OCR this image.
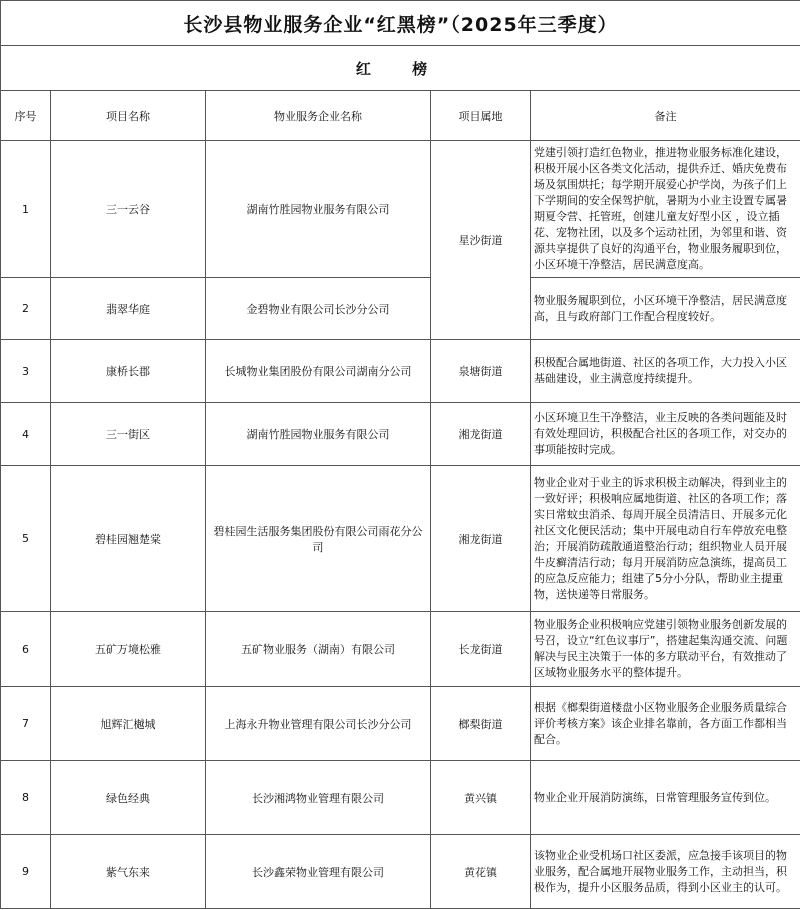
长沙县物业服务企业“红黑榜”（2025年三季度）				
红 榜				
序号	项目名称	物业服务企业名称	项目属地	备注
1	三一云谷	湖南竹胜园物业服务有限公司	星沙街道	党建引领打造红色物业，推进物业服务标准化建设，积极开展小区各类文化活动，提供乔迁、婚庆免费布场及氛围烘托；每学期开展爱心护学岗，为孩子们上下学期间的安全保驾护航，暑期为小业主设置专属暑期夏令营、托管班，创建儿童友好型小区 ，设立插花、宠物社团，以及多个运动社团，为邻里和谐、资源共享提供了良好的沟通平台，物业服务履职到位，小区环境干净整洁，居民满意度高。
2	翡翠华庭	金碧物业有限公司长沙分公司		物业服务履职到位，小区环境干净整洁，居民满意度高，且与政府部门工作配合程度较好。
3	康桥长郡	长城物业集团股份有限公司湖南分公司	泉塘街道	积极配合属地街道、社区的各项工作，大力投入小区基础建设，业主满意度持续提升。
4	三一街区	湖南竹胜园物业服务有限公司	湘龙街道	小区环境卫生干净整洁，业主反映的各类问题能及时有效处理回访，积极配合社区的各项工作，对交办的事项能按时完成。
5	碧桂园翘楚棠	碧桂园生活服务集团股份有限公司雨花分公司	湘龙街道	物业企业对于业主的诉求积极主动解决，得到业主的一致好评；积极响应属地街道、社区的各项工作；落实日常蚊虫消杀、每周开展全员清洁日、开展多元化社区文化便民活动；集中开展电动自行车停放充电整治；开展消防疏散通道整治行动；组织物业人员开展牛皮癣清洁行动；每月开展消防应急演练，提高员工的应急反应能力；组建了5分小分队，帮助业主提重物，送快递等日常服务。
6	五矿万境松雅	五矿物业服务（湖南）有限公司	长龙街道	物业服务企业积极响应党建引领物业服务创新发展的号召，设立“红色议事厅”，搭建起集沟通交流、问题解决与民主决策于一体的多方联动平台，有效推动了区域物业服务水平的整体提升。
7	旭辉汇樾城	上海永升物业管理有限公司长沙分公司	榔梨街道	根据《榔梨街道楼盘小区物业服务企业服务质量综合评价考核方案》该企业排名靠前，各方面工作都相当配合。
8	绿色经典	长沙湘鸿物业管理有限公司	黄兴镇	物业企业开展消防演练，日常管理服务宣传到位。
9	紫气东来	长沙鑫荣物业管理有限公司	黄花镇	该物业企业受机场口社区委派，应急接手该项目的物业服务，配合属地开展物业服务工作，主动担当，积极作为，提升小区服务品质，得到小区业主的认可。
